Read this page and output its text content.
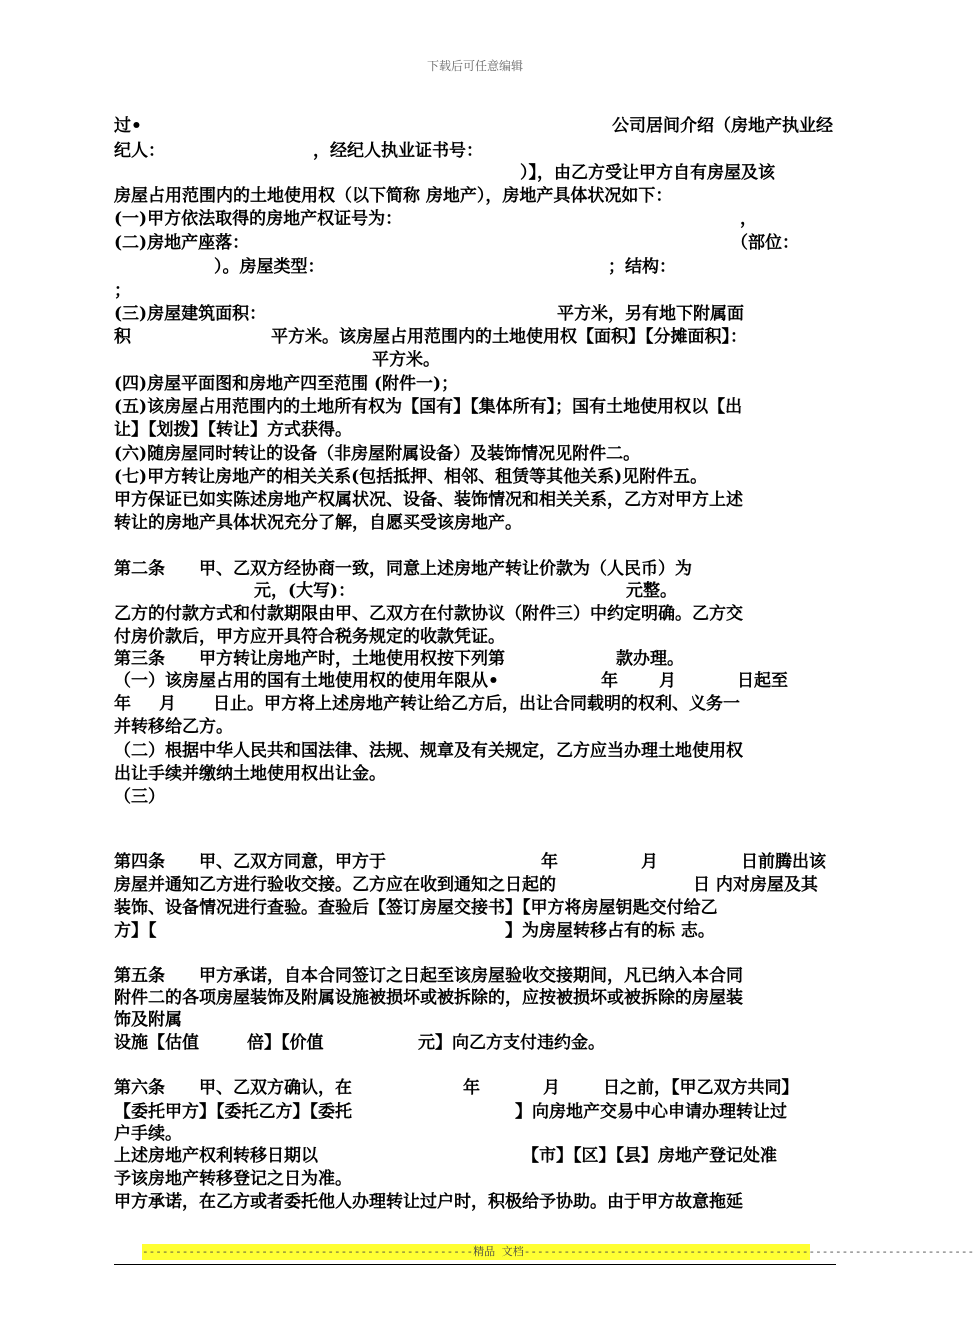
下载后可任意编辑
过•	公司居间介绍（房地产执业经
纪人：	，经纪人执业证书号：
）】，由乙方受让甲方自有房屋及该
房屋占用范围内的土地使用权（以下简称 房地产），房地产具体状况如下：
(一)甲方依法取得的房地产权证号为：	，
(二)房地产座落：	（部位：
）。房屋类型：	；结构：
；
(三)房屋建筑面积：	平方米，另有地下附属面
积	平方米。该房屋占用范围内的土地使用权【面积】【分摊面积】：
平方米。
(四)房屋平面图和房地产四至范围 (附件一)；
(五)该房屋占用范围内的土地所有权为【国有】【集体所有】；国有土地使用权以【出
让】【划拨】【转让】方式获得。
(六)随房屋同时转让的设备（非房屋附属设备）及装饰情况见附件二。
(七)甲方转让房地产的相关关系(包括抵押、相邻、租赁等其他关系)见附件五。
甲方保证已如实陈述房地产权属状况、设备、装饰情况和相关关系，乙方对甲方上述
转让的房地产具体状况充分了解，自愿买受该房地产。
第二条　　甲、乙双方经协商一致，同意上述房地产转让价款为（人民币）为
元，(大写)：	元整。
乙方的付款方式和付款期限由甲、乙双方在付款协议（附件三）中约定明确。乙方交
付房价款后，甲方应开具符合税务规定的收款凭证。
第三条　　甲方转让房地产时，土地使用权按下列第	款办理。
（一）该房屋占用的国有土地使用权的使用年限从•	年 月	日起至
年 月 日止。甲方将上述房地产转让给乙方后，出让合同载明的权利、义务一
并转移给乙方。
（二）根据中华人民共和国法律、法规、规章及有关规定，乙方应当办理土地使用权
出让手续并缴纳土地使用权出让金。
（三）
第四条　　甲、乙双方同意，甲方于	年	月	日前腾出该
房屋并通知乙方进行验收交接。乙方应在收到通知之日起的	日 内对房屋及其
装饰、设备情况进行查验。查验后【签订房屋交接书】【甲方将房屋钥匙交付给乙
方】【	】为房屋转移占有的标 志。
第五条　　甲方承诺，自本合同签订之日起至该房屋验收交接期间，凡已纳入本合同
附件二的各项房屋装饰及附属设施被损坏或被拆除的，应按被损坏或被拆除的房屋装
饰及附属
设施【估值	倍】【价值	元】向乙方支付违约金。
第六条　　甲、乙双方确认，在	年	月	日之前，【甲乙双方共同】
【委托甲方】【委托乙方】【委托	】向房地产交易中心申请办理转让过
户手续。
上述房地产权利转移日期以	【市】【区】【县】房地产登记处准
予该房地产转移登记之日为准。
甲方承诺，在乙方或者委托他人办理转让过户时，积极给予协助。由于甲方故意拖延
--------------------------------------------------精品 文档--------------------------------------------------------------------
